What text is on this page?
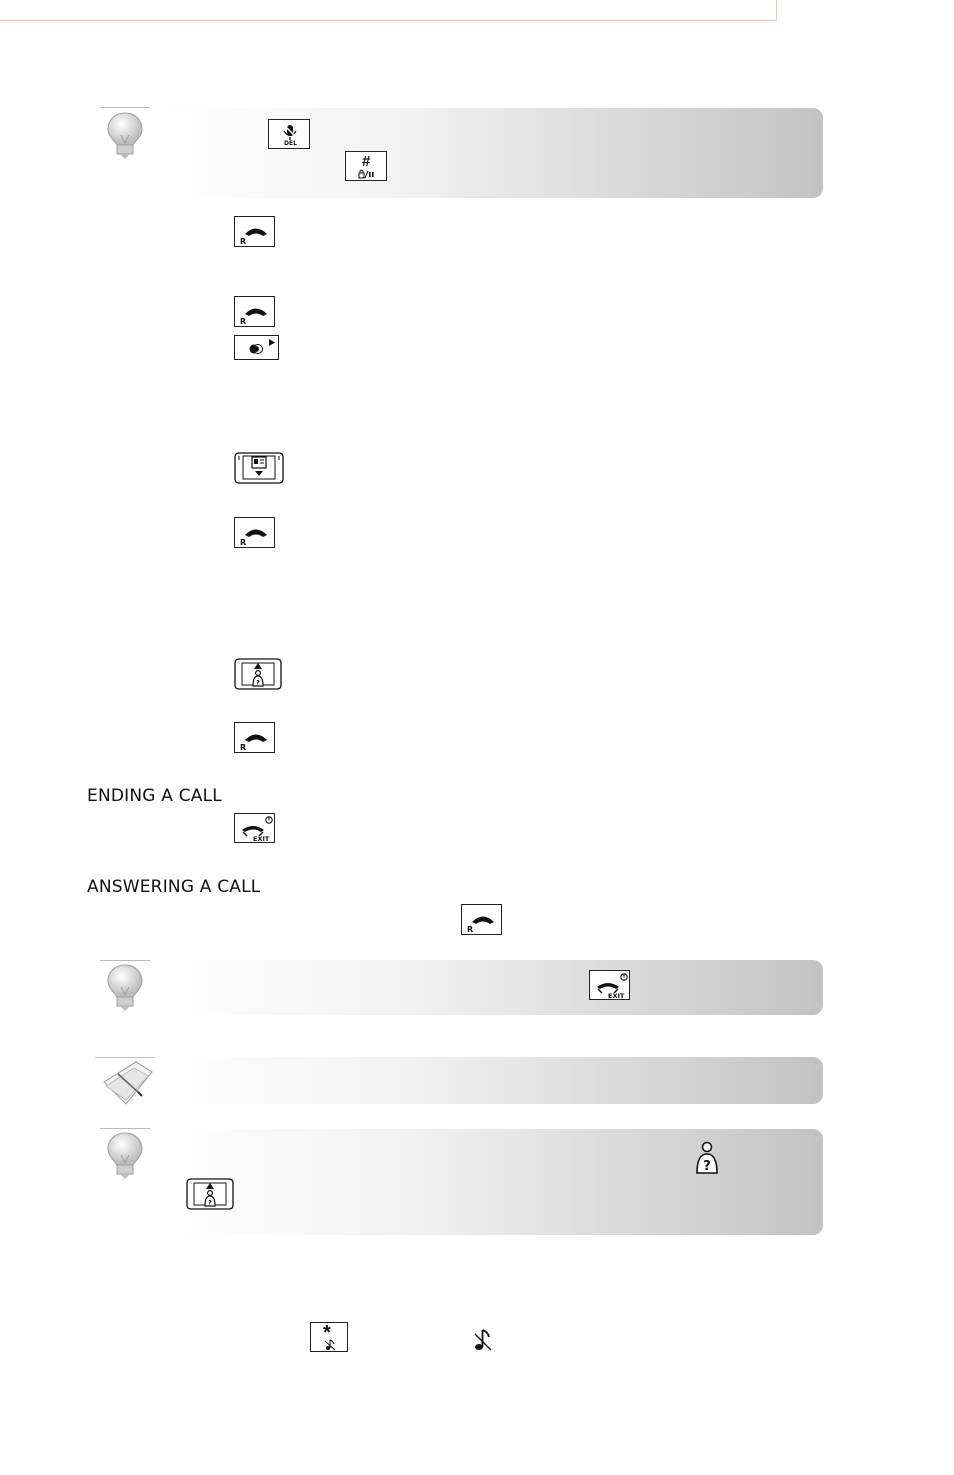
DEL
#
R
R
R
?
R
ENDING A CALL
EXIT
ANSWERING A CALL
R
EXIT
?
?
*
